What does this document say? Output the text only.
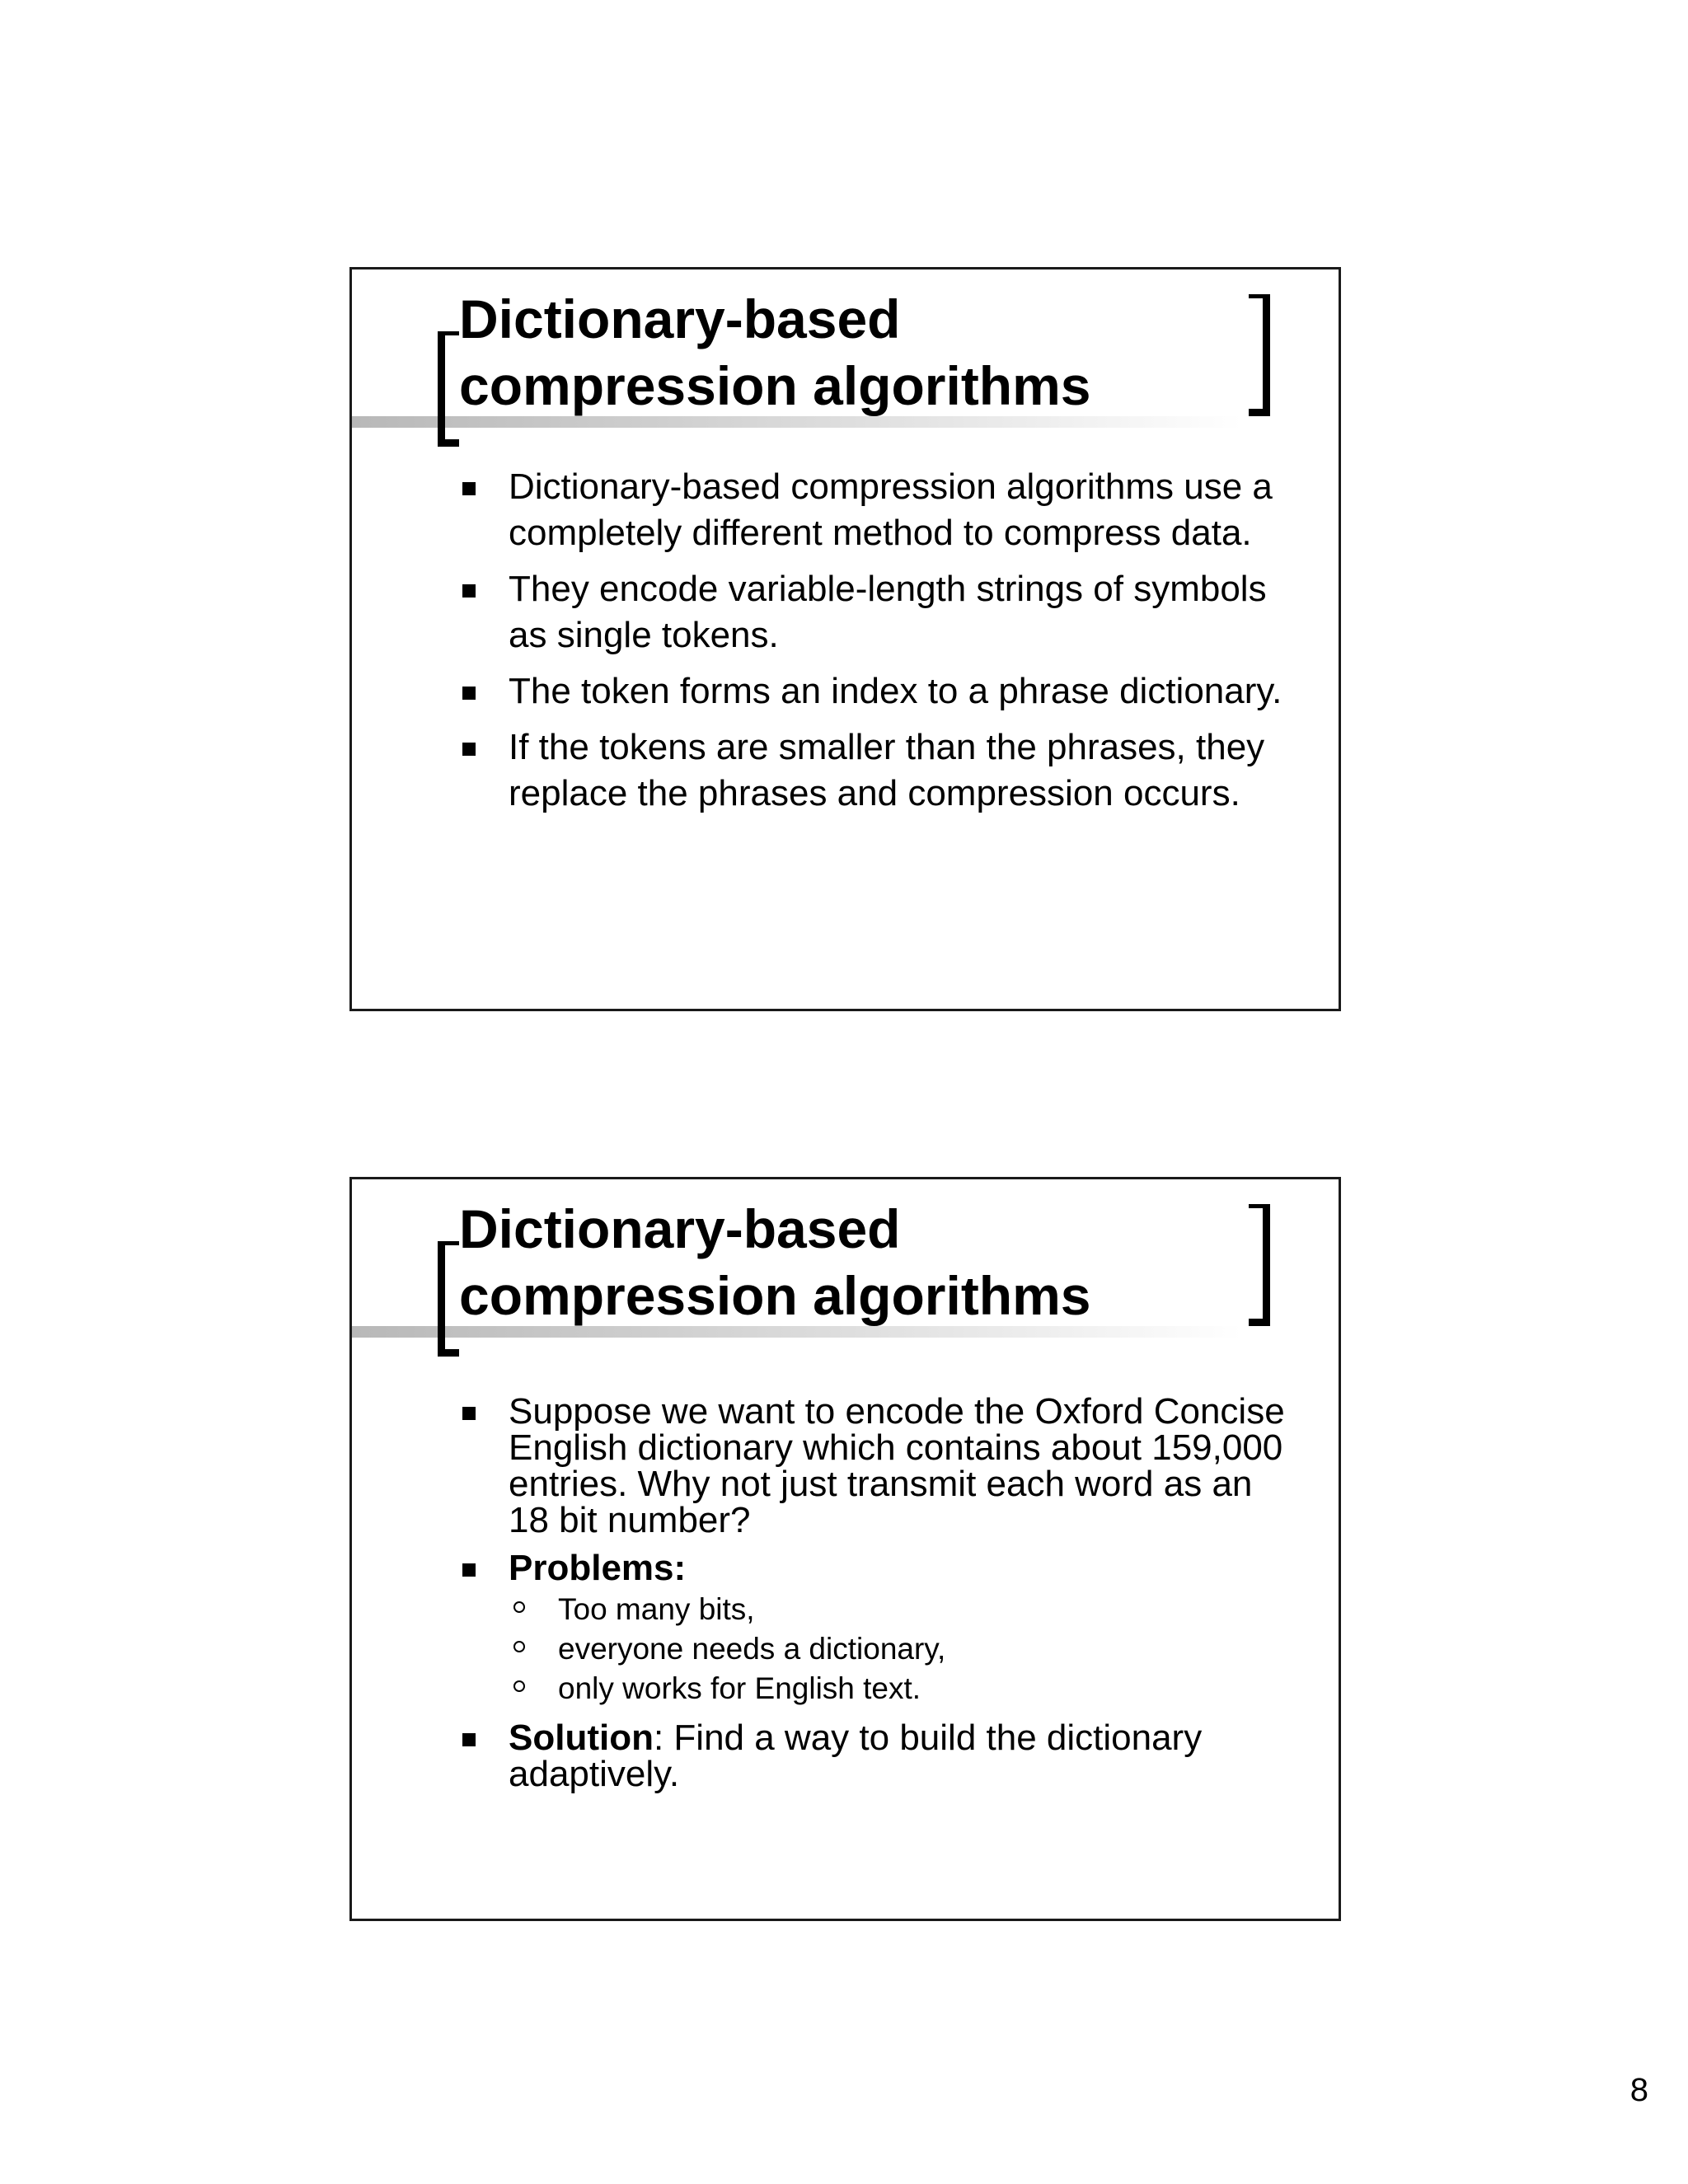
Dictionary-based
compression algorithms
Dictionary-based compression algorithms use a completely different method to compress data.
They encode variable-length strings of symbols as single tokens.
The token forms an index to a phrase dictionary.
If the tokens are smaller than the phrases, they replace the phrases and compression occurs.
Dictionary-based
compression algorithms
Suppose we want to encode the Oxford Concise English dictionary which contains about 159,000 entries. Why not just transmit each word as an 18 bit number?
Problems:
Too many bits,
everyone needs a dictionary,
only works for English text.
Solution: Find a way to build the dictionary adaptively.
8
